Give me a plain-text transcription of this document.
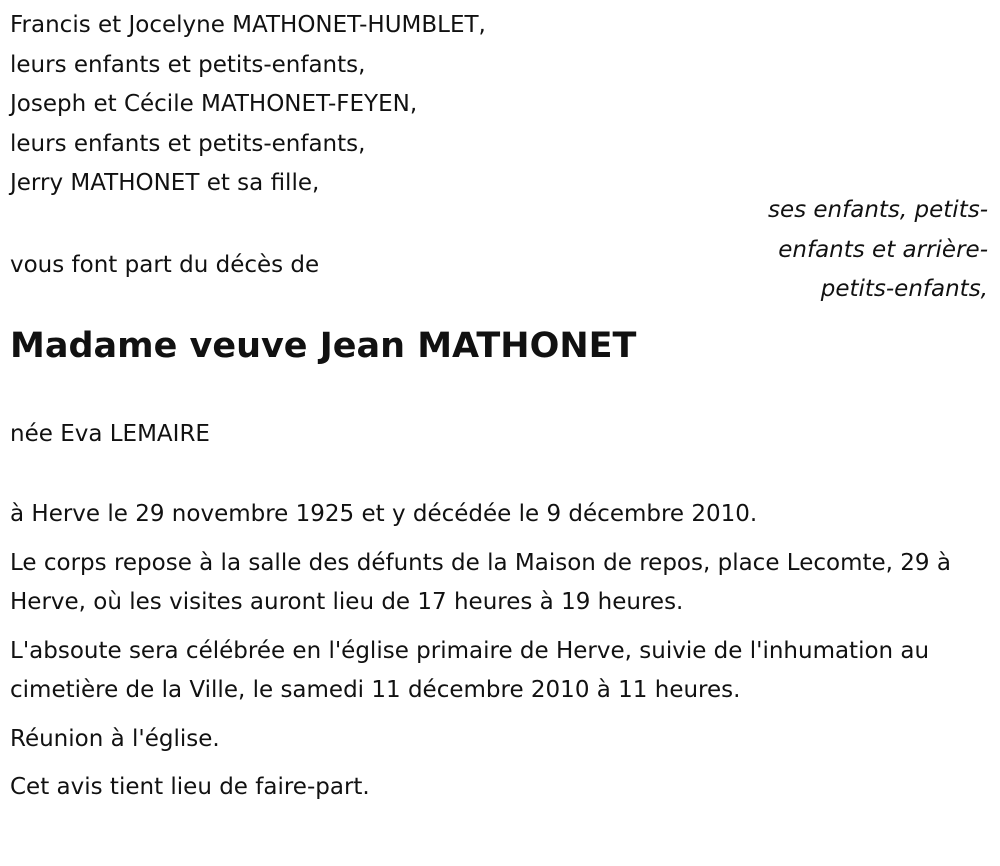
Francis et Jocelyne MATHONET-HUMBLET,
leurs enfants et petits-enfants,
Joseph et Cécile MATHONET-FEYEN,
leurs enfants et petits-enfants,
Jerry MATHONET et sa fille,
ses enfants, petits-
enfants et arrière-
petits-enfants,
vous font part du décès de
Madame veuve Jean MATHONET
née Eva LEMAIRE

à Herve le 29 novembre 1925 et y décédée le 9 décembre 2010.

Le corps repose à la salle des défunts de la Maison de repos, place Lecomte, 29 à Herve, où les visites auront lieu de 17 heures à 19 heures.

L'absoute sera célébrée en l'église primaire de Herve, suivie de l'inhumation au cimetière de la Ville, le samedi 11 décembre 2010 à 11 heures.

Réunion à l'église.

Cet avis tient lieu de faire-part.
